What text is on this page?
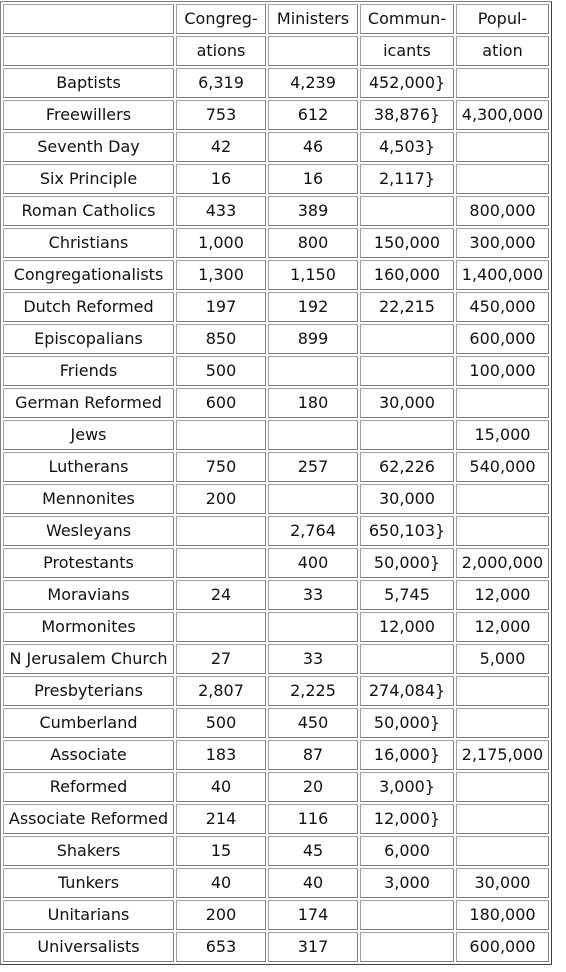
	Congreg-	Ministers	Commun-	Popul-
	ations		icants	ation
Baptists	6,319	4,239	452,000}	
Freewillers	753	612	38,876}	4,300,000
Seventh Day	42	46	4,503}	
Six Principle	16	16	2,117}	
Roman Catholics	433	389		800,000
Christians	1,000	800	150,000	300,000
Congregationalists	1,300	1,150	160,000	1,400,000
Dutch Reformed	197	192	22,215	450,000
Episcopalians	850	899		600,000
Friends	500			100,000
German Reformed	600	180	30,000	
Jews				15,000
Lutherans	750	257	62,226	540,000
Mennonites	200		30,000	
Wesleyans		2,764	650,103}	
Protestants		400	50,000}	2,000,000
Moravians	24	33	5,745	12,000
Mormonites			12,000	12,000
N Jerusalem Church	27	33		5,000
Presbyterians	2,807	2,225	274,084}	
Cumberland	500	450	50,000}	
Associate	183	87	16,000}	2,175,000
Reformed	40	20	3,000}	
Associate Reformed	214	116	12,000}	
Shakers	15	45	6,000	
Tunkers	40	40	3,000	30,000
Unitarians	200	174		180,000
Universalists	653	317		600,000
